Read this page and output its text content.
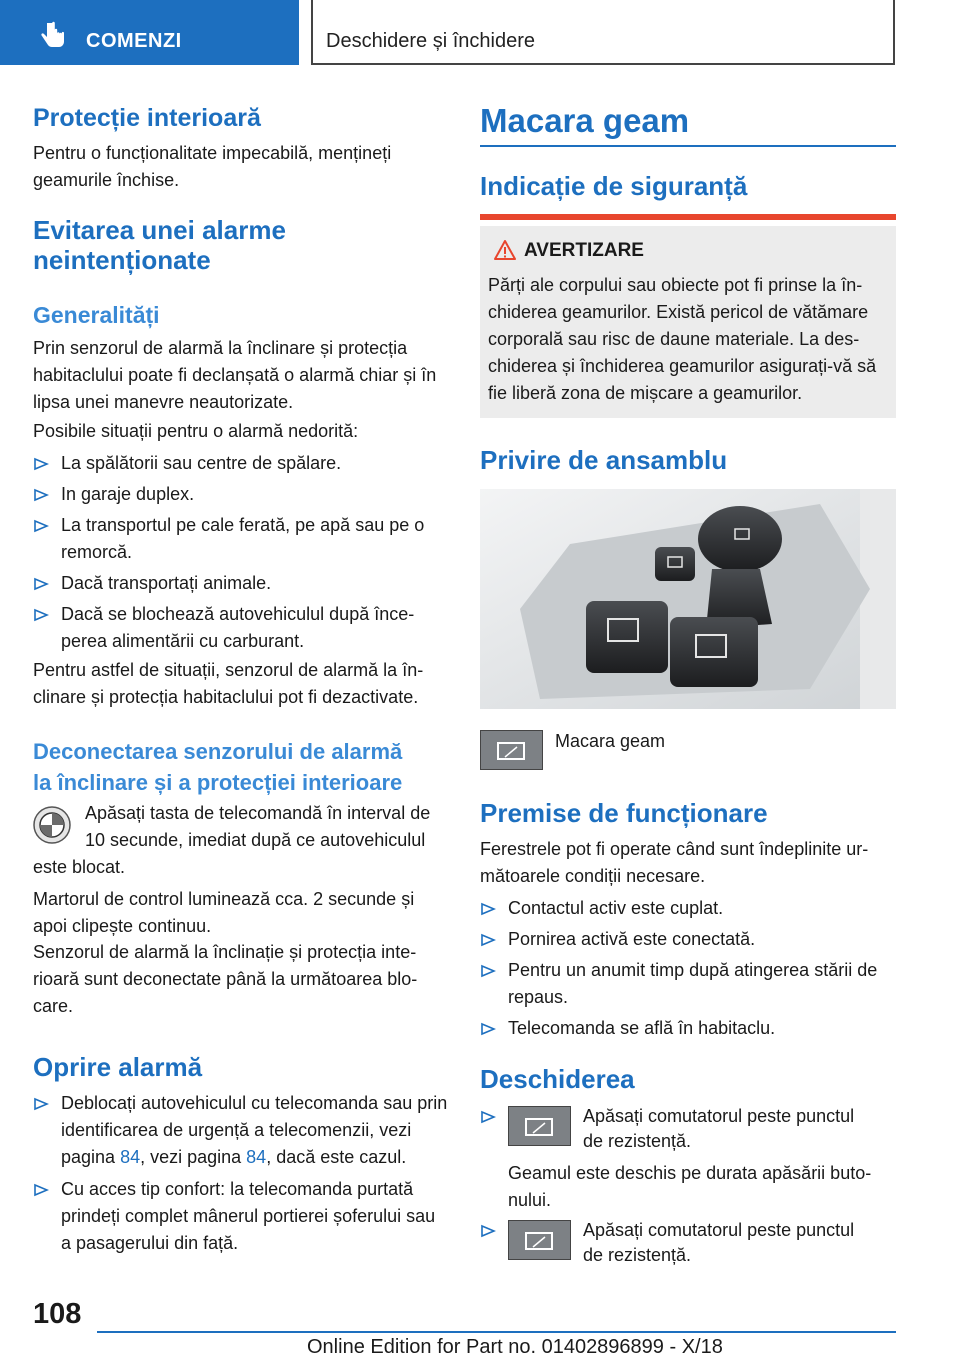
COMENZI	Deschidere și închidere
Protecție interioară
Pentru o funcționalitate impecabilă, mențineți geamurile închise.
Evitarea unei alarme
neintenționate
Generalități
Prin senzorul de alarmă la înclinare și protecția habitaclului poate fi declanșată o alarmă chiar și în lipsa unei manevre neautorizate.
Posibile situații pentru o alarmă nedorită:
La spălătorii sau centre de spălare.
In garaje duplex.
La transportul pe cale ferată, pe apă sau pe o remorcă.
Dacă transportați animale.
Dacă se blochează autovehiculul după începerea alimentării cu carburant.
Pentru astfel de situații, senzorul de alarmă la înclinare și protecția habitaclului pot fi dezactivate.
Deconectarea senzorului de alarmă
la înclinare și a protecției interioare
Apăsați tasta de telecomandă în interval de
10 secunde, imediat după ce autovehiculul
este blocat.
Martorul de control luminează cca. 2 secunde și apoi clipește continuu.
Senzorul de alarmă la înclinație și protecția interioară sunt deconectate până la următoarea blocare.
Oprire alarmă
Deblocați autovehiculul cu telecomanda sau prin identificarea de urgență a telecomenzii, vezi pagina 84, vezi pagina 84, dacă este cazul.
Cu acces tip confort: la telecomanda purtată prindeți complet mânerul portierei șoferului sau a pasagerului din față.
Macara geam
Indicație de siguranță
AVERTIZARE
Părți ale corpului sau obiecte pot fi prinse la închiderea geamurilor. Există pericol de vătămare corporală sau risc de daune materiale. La deschiderea și închiderea geamurilor asigurați-vă să fie liberă zona de mișcare a geamurilor.
Privire de ansamblu
Macara geam
Premise de funcționare
Ferestrele pot fi operate când sunt îndeplinite următoarele condiții necesare.
Contactul activ este cuplat.
Pornirea activă este conectată.
Pentru un anumit timp după atingerea stării de repaus.
Telecomanda se află în habitaclu.
Deschiderea
Apăsați comutatorul peste punctul
de rezistență.
Geamul este deschis pe durata apăsării butonului.
Apăsați comutatorul peste punctul
de rezistență.
108
Online Edition for Part no. 01402896899 - X/18
